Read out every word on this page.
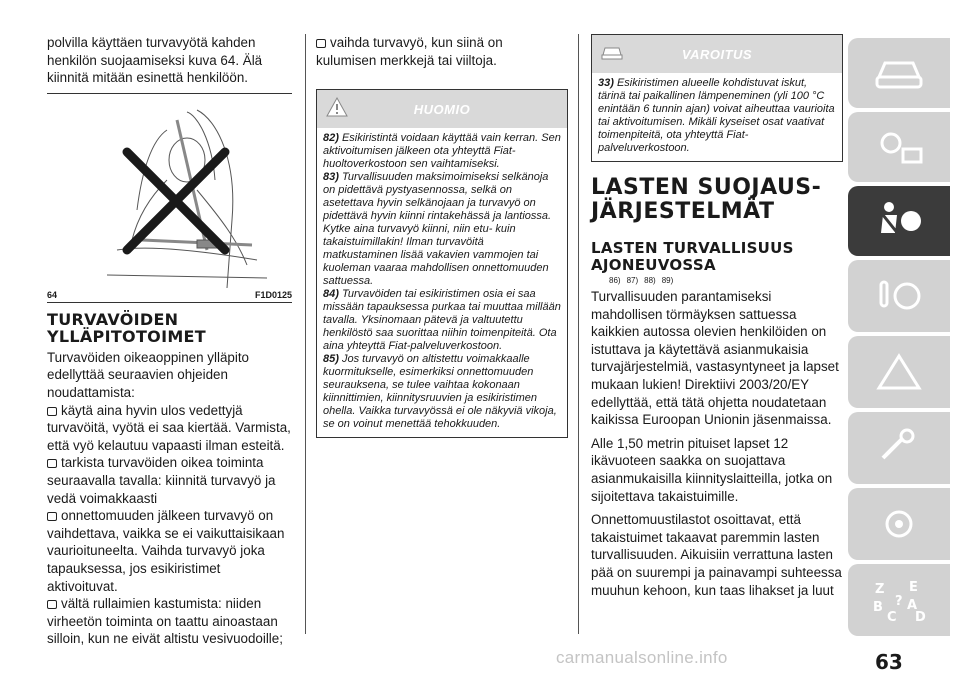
polvilla käyttäen turvavyötä kahden henkilön suojaamiseksi kuva 64. Älä kiinnitä mitään esinettä henkilöön.

64	F1D0125
TURVAVÖIDEN YLLÄPITOTOIMET

Turvavöiden oikeaoppinen ylläpito edellyttää seuraavien ohjeiden noudattamista:

käytä aina hyvin ulos vedettyjä turvavöitä, vyötä ei saa kiertää. Varmista, että vyö kelautuu vapaasti ilman esteitä.

tarkista turvavöiden oikea toiminta seuraavalla tavalla: kiinnitä turvavyö ja vedä voimakkaasti

onnettomuuden jälkeen turvavyö on vaihdettava, vaikka se ei vaikuttaisikaan vaurioituneelta. Vaihda turvavyö joka tapauksessa, jos esikiristimet aktivoituvat.

vältä rullaimien kastumista: niiden virheetön toiminta on taattu ainoastaan silloin, kun ne eivät altistu vesivuodoille;

vaihda turvavyö, kun siinä on kulumisen merkkejä tai viiltoja.

HUOMIO

82) Esikiristintä voidaan käyttää vain kerran. Sen aktivoitumisen jälkeen ota yhteyttä Fiat-huoltoverkostoon sen vaihtamiseksi.

83) Turvallisuuden maksimoimiseksi selkänoja on pidettävä pystyasennossa, selkä on asetettava hyvin selkänojaan ja turvavyö on pidettävä hyvin kiinni rintakehässä ja lantiossa. Kytke aina turvavyö kiinni, niin etu- kuin takaistuimillakin! Ilman turvavöitä matkustaminen lisää vakavien vammojen tai kuoleman vaaraa mahdollisen onnettomuuden sattuessa.

84) Turvavöiden tai esikiristimen osia ei saa missään tapauksessa purkaa tai muuttaa millään tavalla. Yksinomaan pätevä ja valtuutettu henkilöstö saa suorittaa niihin toimenpiteitä. Ota aina yhteyttä Fiat-palveluverkostoon.

85) Jos turvavyö on altistettu voimakkaalle kuormitukselle, esimerkiksi onnettomuuden seurauksena, se tulee vaihtaa kokonaan kiinnittimien, kiinnitysruuvien ja esikiristimen ohella. Vaikka turvavyössä ei ole näkyviä vikoja, se on voinut menettää tehokkuuden.

VAROITUS

33) Esikiristimen alueelle kohdistuvat iskut, tärinä tai paikallinen lämpeneminen (yli 100 °C enintään 6 tunnin ajan) voivat aiheuttaa vaurioita tai aktivoitumisen. Mikäli kyseiset osat vaativat toimenpiteitä, ota yhteyttä Fiat-palveluverkostoon.

LASTEN SUOJAUS-JÄRJESTELMÄT
LASTEN TURVALLISUUS AJONEUVOSSA
86) 87) 88) 89)

Turvallisuuden parantamiseksi mahdollisen törmäyksen sattuessa kaikkien autossa olevien henkilöiden on istuttava ja käytettävä asianmukaisia turvajärjestelmiä, vastasyntyneet ja lapset mukaan lukien! Direktiivi 2003/20/EY edellyttää, että tätä ohjetta noudatetaan kaikissa Euroopan Unionin jäsenmaissa.

Alle 1,50 metrin pituiset lapset 12 ikävuoteen saakka on suojattava asianmukaisilla kiinnityslaitteilla, jotka on sijoitettava takaistuimille.

Onnettomuustilastot osoittavat, että takaistuimet takaavat paremmin lasten turvallisuuden. Aikuisiin verrattuna lasten pää on suurempi ja painavampi suhteessa muuhun kehoon, kun taas lihakset ja luut	Z E
B A
C D
?
carmanualsonline.info	63
